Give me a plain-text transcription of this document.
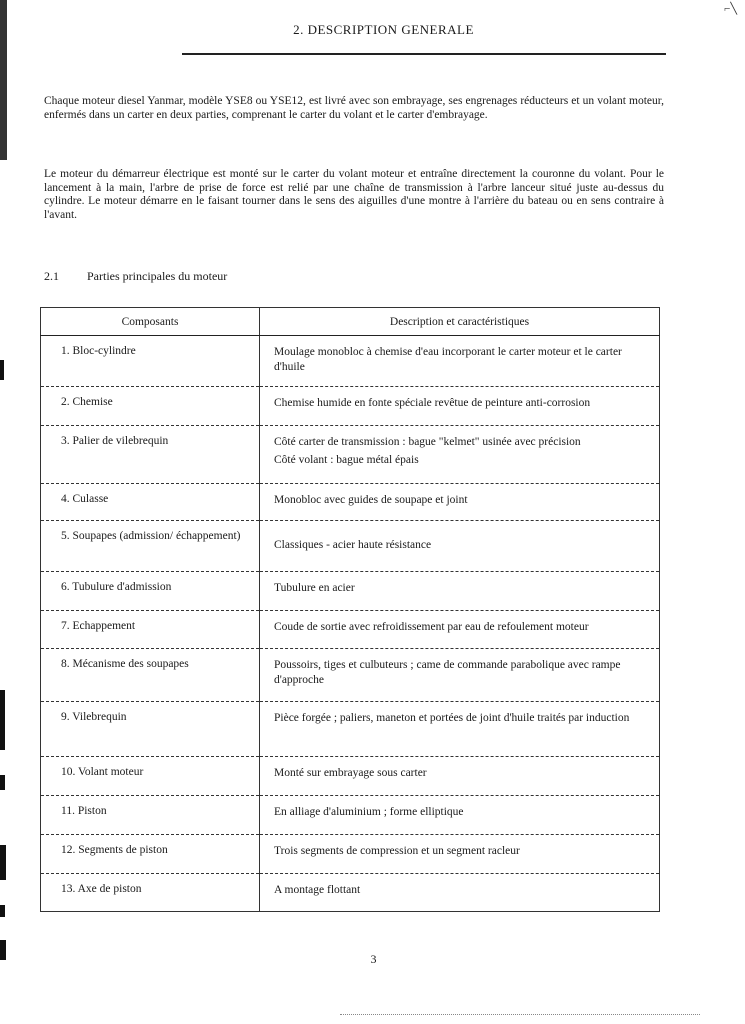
⌐╲
2. DESCRIPTION GENERALE
Chaque moteur diesel Yanmar, modèle YSE8 ou YSE12, est livré avec son embrayage, ses engrenages réducteurs et un volant moteur, enfermés dans un carter en deux parties, comprenant le carter du volant et le carter d'embrayage.
Le moteur du démarreur électrique est monté sur le carter du volant moteur et entraîne directement la couronne du volant. Pour le lancement à la main, l'arbre de prise de force est relié par une chaîne de transmission à l'arbre lanceur situé juste au-dessus du cylindre. Le moteur démarre en le faisant tourner dans le sens des aiguilles d'une montre à l'arrière du bateau ou en sens contraire à l'avant.
2.1 Parties principales du moteur
Composants	Description et caractéristiques
1. Bloc-cylindre	Moulage monobloc à chemise d'eau incorporant le carter moteur et le carter d'huile
2. Chemise	Chemise humide en fonte spéciale revêtue de peinture anti-corrosion
3. Palier de vilebrequin	Côté carter de transmission : bague "kelmet" usinée avec précision
Côté volant : bague métal épais

4. Culasse	Monobloc avec guides de soupape et joint
5. Soupapes (admission/ échappement)	Classiques - acier haute résistance
6. Tubulure d'admission	Tubulure en acier
7. Echappement	Coude de sortie avec refroidissement par eau de refoulement moteur
8. Mécanisme des soupapes	Poussoirs, tiges et culbuteurs ; came de commande parabolique avec rampe d'approche
9. Vilebrequin	Pièce forgée ; paliers, maneton et portées de joint d'huile traités par induction
10. Volant moteur	Monté sur embrayage sous carter
11. Piston	En alliage d'aluminium ; forme elliptique
12. Segments de piston	Trois segments de compression et un segment racleur
13. Axe de piston	A montage flottant
3
